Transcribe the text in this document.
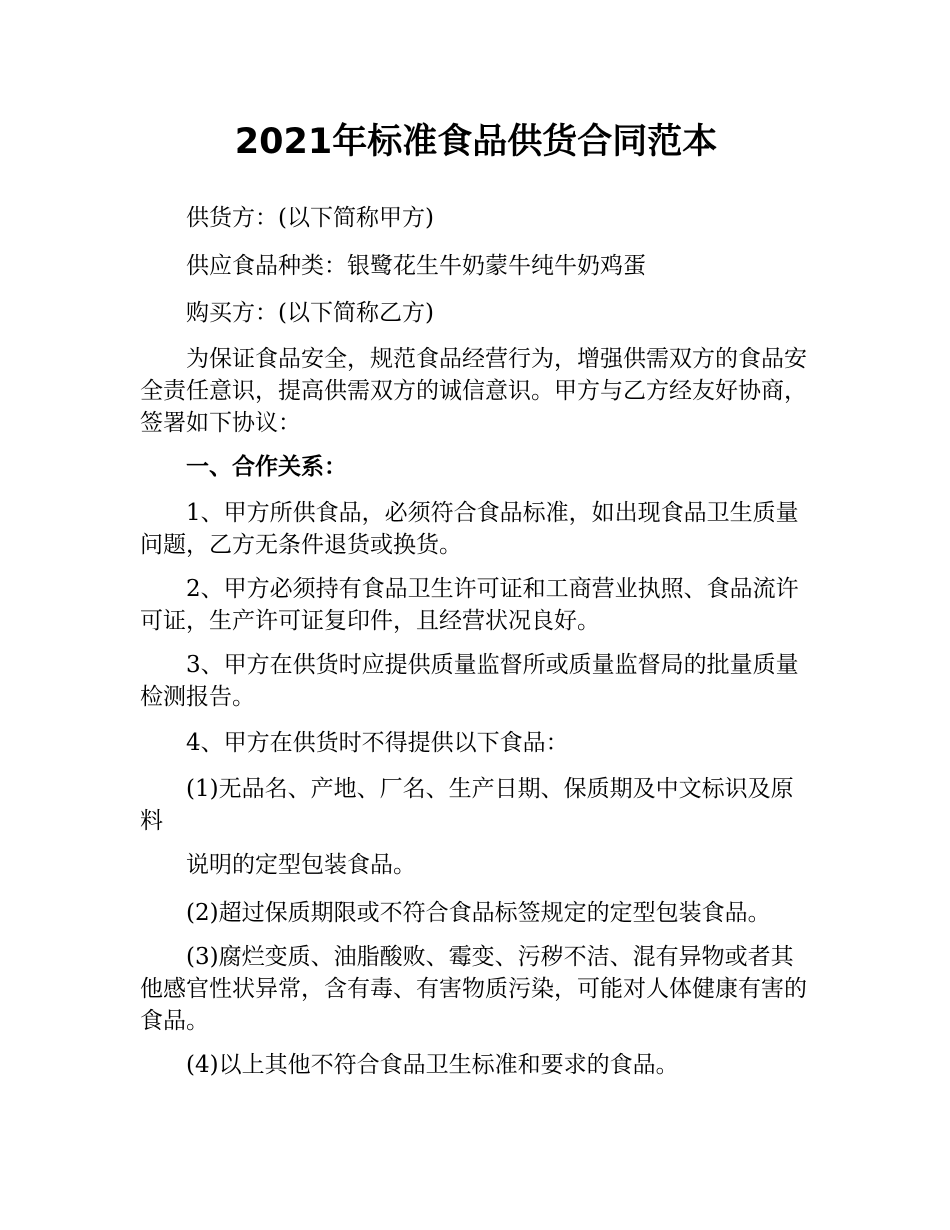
2021年标准食品供货合同范本

供货方：(以下简称甲方)

供应食品种类：银鹭花生牛奶蒙牛纯牛奶鸡蛋

购买方：(以下简称乙方)

为保证食品安全，规范食品经营行为，增强供需双方的食品安全责任意识，提高供需双方的诚信意识。甲方与乙方经友好协商，签署如下协议：

一、合作关系：

1、甲方所供食品，必须符合食品标准，如出现食品卫生质量问题，乙方无条件退货或换货。

2、甲方必须持有食品卫生许可证和工商营业执照、食品流许可证，生产许可证复印件，且经营状况良好。

3、甲方在供货时应提供质量监督所或质量监督局的批量质量检测报告。

4、甲方在供货时不得提供以下食品：

(1)无品名、产地、厂名、生产日期、保质期及中文标识及原料

说明的定型包装食品。

(2)超过保质期限或不符合食品标签规定的定型包装食品。

(3)腐烂变质、油脂酸败、霉变、污秽不洁、混有异物或者其他感官性状异常，含有毒、有害物质污染，可能对人体健康有害的食品。

(4)以上其他不符合食品卫生标准和要求的食品。
